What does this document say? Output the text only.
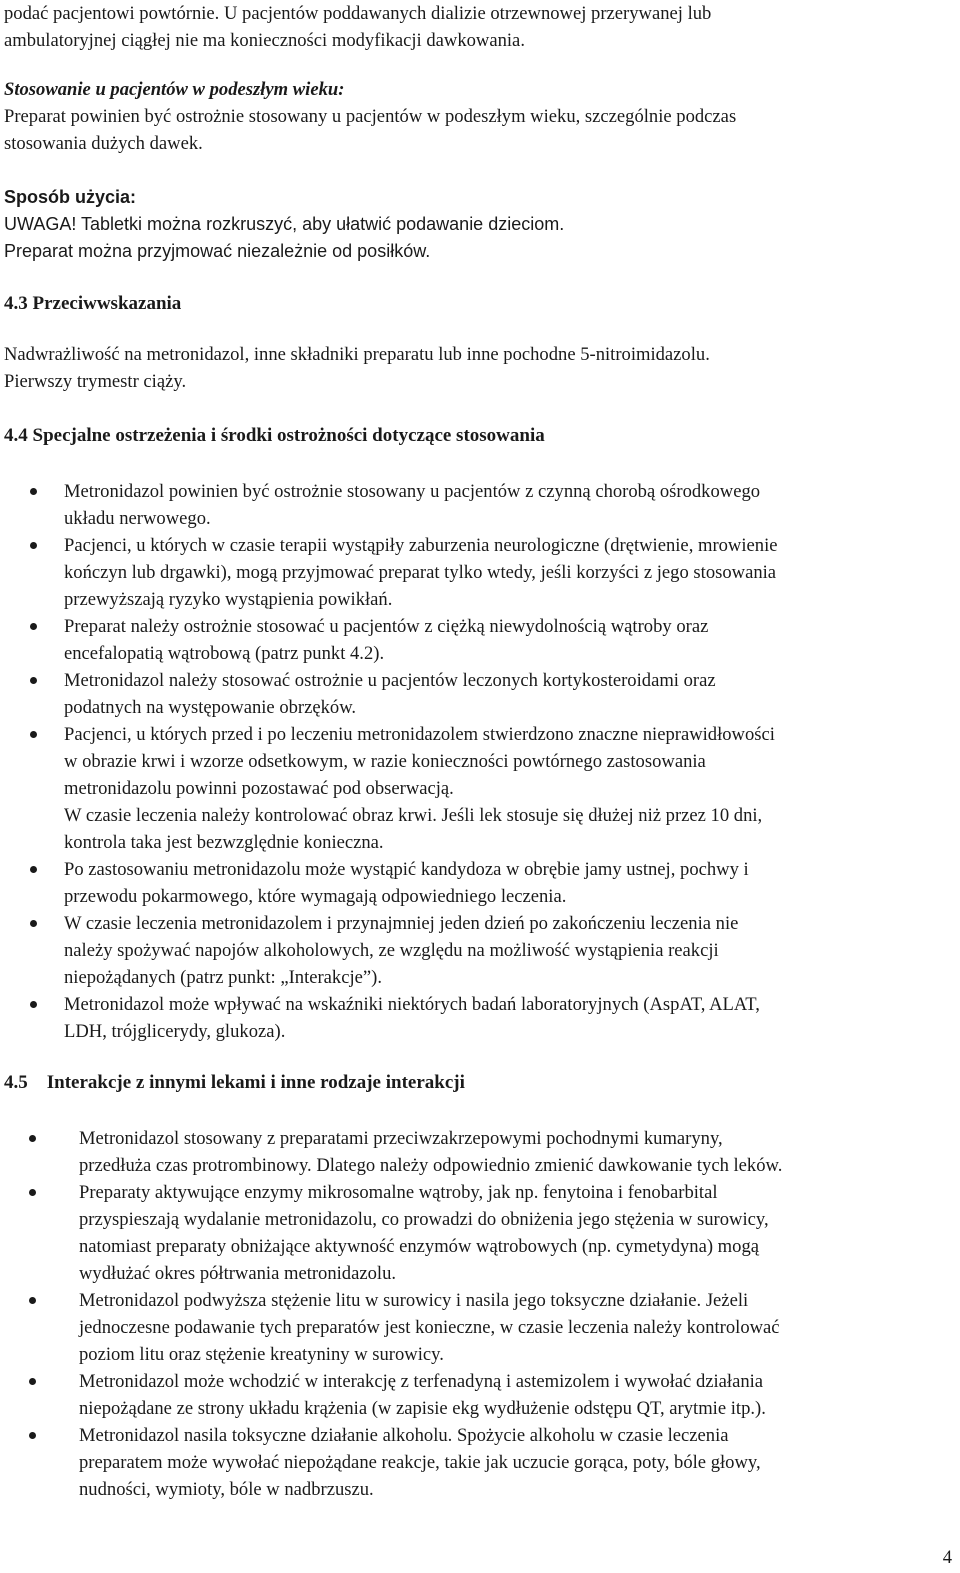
podać pacjentowi powtórnie. U pacjentów poddawanych dializie otrzewnowej przerywanej lub
ambulatoryjnej ciągłej nie ma konieczności modyfikacji dawkowania.
Stosowanie u pacjentów w podeszłym wieku:
Preparat powinien być ostrożnie stosowany u pacjentów w podeszłym wieku, szczególnie podczas
stosowania dużych dawek.
Sposób użycia:
UWAGA! Tabletki można rozkruszyć, aby ułatwić podawanie dzieciom.
Preparat można przyjmować niezależnie od posiłków.
4.3 Przeciwwskazania
Nadwrażliwość na metronidazol, inne składniki preparatu lub inne pochodne 5-nitroimidazolu.
Pierwszy trymestr ciąży.
4.4 Specjalne ostrzeżenia i środki ostrożności dotyczące stosowania
Metronidazol powinien być ostrożnie stosowany u pacjentów z czynną chorobą ośrodkowego
układu nerwowego.
Pacjenci, u których w czasie terapii wystąpiły zaburzenia neurologiczne (drętwienie, mrowienie
kończyn lub drgawki), mogą przyjmować preparat tylko wtedy, jeśli korzyści z jego stosowania
przewyższają ryzyko wystąpienia powikłań.
Preparat należy ostrożnie stosować u pacjentów z ciężką niewydolnością wątroby oraz
encefalopatią wątrobową (patrz punkt 4.2).
Metronidazol należy stosować ostrożnie u pacjentów leczonych kortykosteroidami oraz
podatnych na występowanie obrzęków.
Pacjenci, u których przed i po leczeniu metronidazolem stwierdzono znaczne nieprawidłowości
w obrazie krwi i wzorze odsetkowym, w razie konieczności powtórnego zastosowania
metronidazolu powinni pozostawać pod obserwacją.
W czasie leczenia należy kontrolować obraz krwi. Jeśli lek stosuje się dłużej niż przez 10 dni,
kontrola taka jest bezwzględnie konieczna.
Po zastosowaniu metronidazolu może wystąpić kandydoza w obrębie jamy ustnej, pochwy i
przewodu pokarmowego, które wymagają odpowiedniego leczenia.
W czasie leczenia metronidazolem i przynajmniej jeden dzień po zakończeniu leczenia nie
należy spożywać napojów alkoholowych, ze względu na możliwość wystąpienia reakcji
niepożądanych (patrz punkt: „Interakcje”).
Metronidazol może wpływać na wskaźniki niektórych badań laboratoryjnych (AspAT, ALAT,
LDH, trójglicerydy, glukoza).
4.5 Interakcje z innymi lekami i inne rodzaje interakcji
Metronidazol stosowany z preparatami przeciwzakrzepowymi pochodnymi kumaryny,
przedłuża czas protrombinowy. Dlatego należy odpowiednio zmienić dawkowanie tych leków.
Preparaty aktywujące enzymy mikrosomalne wątroby, jak np. fenytoina i fenobarbital
przyspieszają wydalanie metronidazolu, co prowadzi do obniżenia jego stężenia w surowicy,
natomiast preparaty obniżające aktywność enzymów wątrobowych (np. cymetydyna) mogą
wydłużać okres półtrwania metronidazolu.
Metronidazol podwyższa stężenie litu w surowicy i nasila jego toksyczne działanie. Jeżeli
jednoczesne podawanie tych preparatów jest konieczne, w czasie leczenia należy kontrolować
poziom litu oraz stężenie kreatyniny w surowicy.
Metronidazol może wchodzić w interakcję z terfenadyną i astemizolem i wywołać działania
niepożądane ze strony układu krążenia (w zapisie ekg wydłużenie odstępu QT, arytmie itp.).
Metronidazol nasila toksyczne działanie alkoholu. Spożycie alkoholu w czasie leczenia
preparatem może wywołać niepożądane reakcje, takie jak uczucie gorąca, poty, bóle głowy,
nudności, wymioty, bóle w nadbrzuszu.
4
